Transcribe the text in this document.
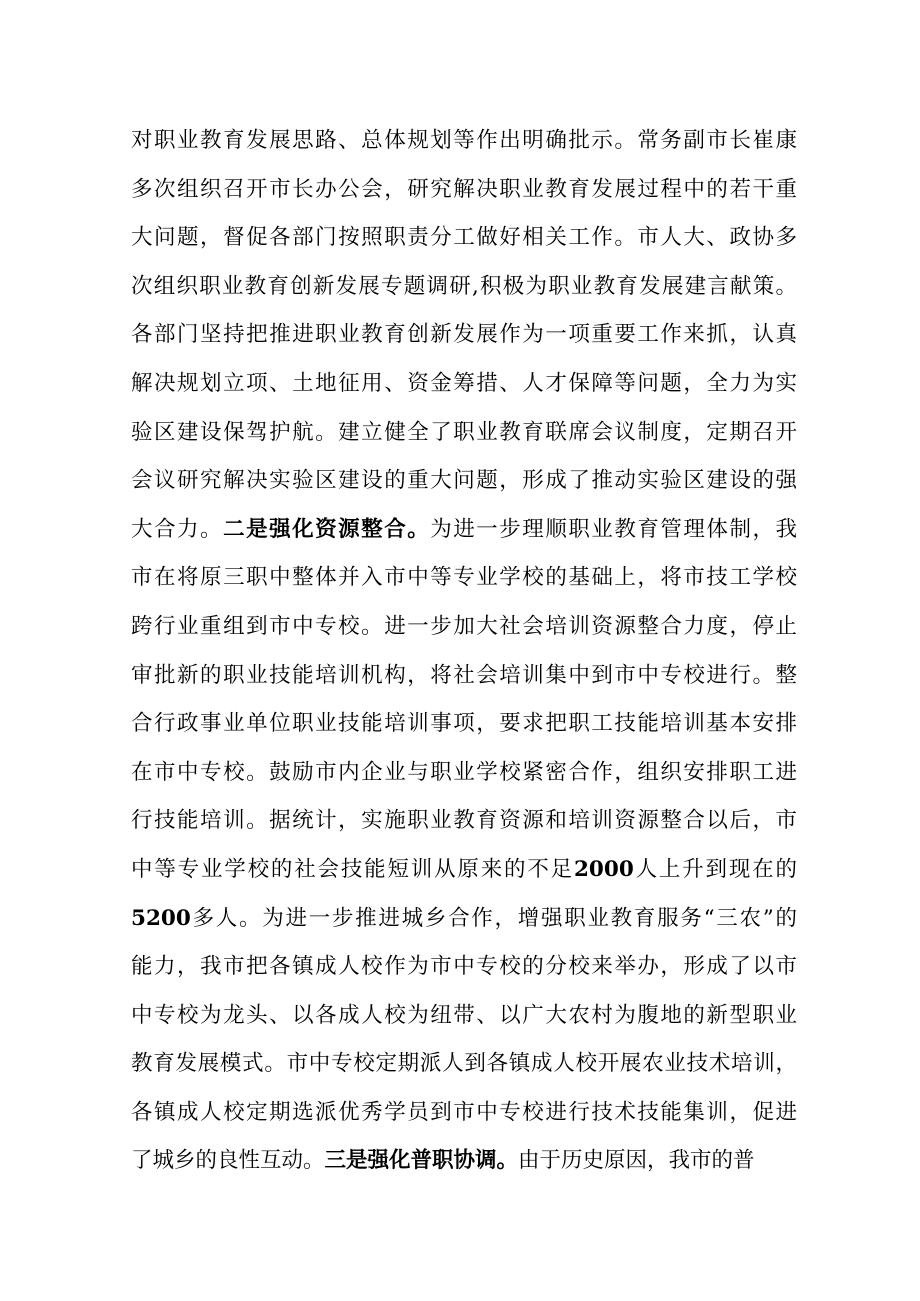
对职业教育发展思路、总体规划等作出明确批示。常务副市长崔康
多次组织召开市长办公会，研究解决职业教育发展过程中的若干重
大问题，督促各部门按照职责分工做好相关工作。市人大、政协多
次组织职业教育创新发展专题调研,积极为职业教育发展建言献策。
各部门坚持把推进职业教育创新发展作为一项重要工作来抓，认真
解决规划立项、土地征用、资金筹措、人才保障等问题，全力为实
验区建设保驾护航。建立健全了职业教育联席会议制度，定期召开
会议研究解决实验区建设的重大问题，形成了推动实验区建设的强
大合力。二是强化资源整合。为进一步理顺职业教育管理体制，我
市在将原三职中整体并入市中等专业学校的基础上，将市技工学校
跨行业重组到市中专校。进一步加大社会培训资源整合力度，停止
审批新的职业技能培训机构，将社会培训集中到市中专校进行。整
合行政事业单位职业技能培训事项，要求把职工技能培训基本安排
在市中专校。鼓励市内企业与职业学校紧密合作，组织安排职工进
行技能培训。据统计，实施职业教育资源和培训资源整合以后，市
中等专业学校的社会技能短训从原来的不足2000人上升到现在的
5200多人。为进一步推进城乡合作，增强职业教育服务“三农”的
能力，我市把各镇成人校作为市中专校的分校来举办，形成了以市
中专校为龙头、以各成人校为纽带、以广大农村为腹地的新型职业
教育发展模式。市中专校定期派人到各镇成人校开展农业技术培训，
各镇成人校定期选派优秀学员到市中专校进行技术技能集训，促进
了城乡的良性互动。三是强化普职协调。由于历史原因，我市的普
